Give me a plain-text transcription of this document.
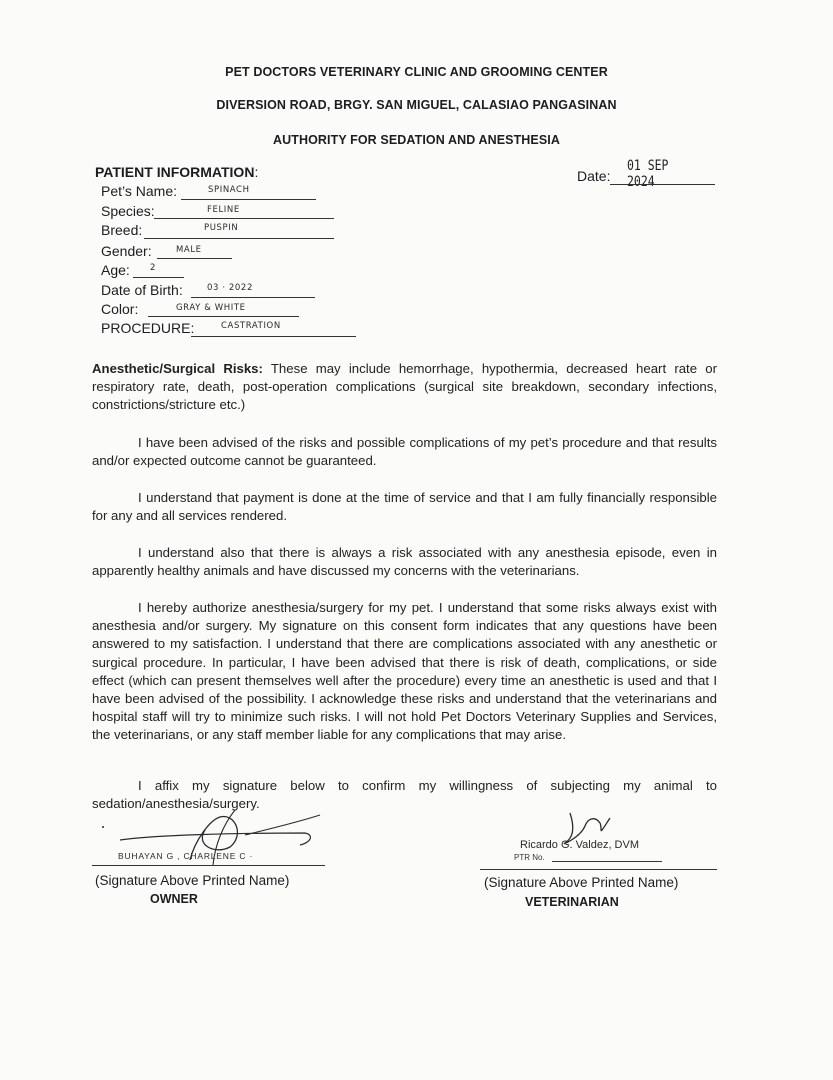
PET DOCTORS VETERINARY CLINIC AND GROOMING CENTER
DIVERSION ROAD, BRGY. SAN MIGUEL, CALASIAO PANGASINAN
AUTHORITY FOR SEDATION AND ANESTHESIA
PATIENT INFORMATION:	Date:
01 SEP 2024
Pet’s Name:	SPINACH
Species:	FELINE
Breed:	PUSPIN
Gender:	MALE
Age: 2
Date of Birth:	03 · 2022
Color:	GRAY & WHITE
PROCEDURE:	CASTRATION
Anesthetic/Surgical Risks: These may include hemorrhage, hypothermia, decreased heart rate or respiratory rate, death, post-operation complications (surgical site breakdown, secondary infections, constrictions/stricture etc.)
I have been advised of the risks and possible complications of my pet’s procedure and that results and/or expected outcome cannot be guaranteed.
I understand that payment is done at the time of service and that I am fully financially responsible for any and all services rendered.
I understand also that there is always a risk associated with any anesthesia episode, even in apparently healthy animals and have discussed my concerns with the veterinarians.
I hereby authorize anesthesia/surgery for my pet. I understand that some risks always exist with anesthesia and/or surgery. My signature on this consent form indicates that any questions have been answered to my satisfaction. I understand that there are complications associated with any anesthetic or surgical procedure. In particular, I have been advised that there is risk of death, complications, or side effect (which can present themselves well after the procedure) every time an anesthetic is used and that I have been advised of the possibility. I acknowledge these risks and understand that the veterinarians and hospital staff will try to minimize such risks. I will not hold Pet Doctors Veterinary Supplies and Services, the veterinarians, or any staff member liable for any complications that may arise.
I affix my signature below to confirm my willingness of subjecting my animal to sedation/anesthesia/surgery.
BUHAYAN G , CHARLENE C ·
(Signature Above Printed Name)
OWNER
Ricardo G. Valdez, DVM
PTR No.
(Signature Above Printed Name)
VETERINARIAN
